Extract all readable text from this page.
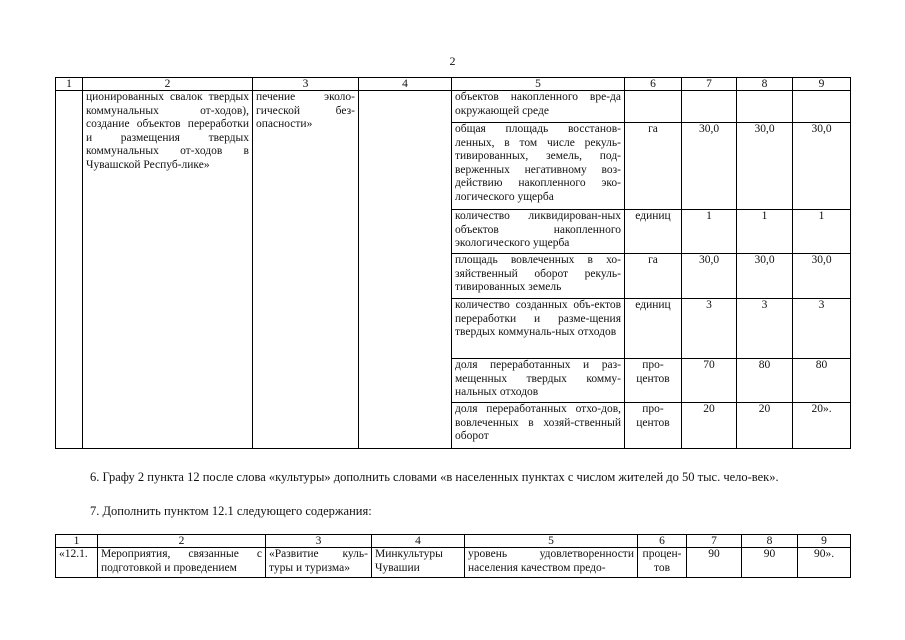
2
1	2	3	4	5	6	7	8	9
	ционированных свалок твердых коммунальных от-ходов), создание объектов переработки и размещения твердых коммунальных от-ходов в Чувашской Респуб-лике»	печение эколо-гической без-опасности»		объектов накопленного вре-да окружающей среде				
				общая площадь восстанов-ленных, в том числе рекуль-тивированных, земель, под-верженных негативному воз-действию накопленного эко-логического ущерба	га	30,0	30,0	30,0
				количество ликвидирован-ных объектов накопленного экологического ущерба	единиц	1	1	1
				площадь вовлеченных в хо-зяйственный оборот рекуль-тивированных земель	га	30,0	30,0	30,0
				количество созданных объ-ектов переработки и разме-щения твердых коммуналь-ных отходов	единиц	3	3	3
				доля переработанных и раз-мещенных твердых комму-нальных отходов	про-центов	70	80	80
				доля переработанных отхо-дов, вовлеченных в хозяй-ственный оборот	про-центов	20	20	20».
6. Графу 2 пункта 12 после слова «культуры» дополнить словами «в населенных пунктах с числом жителей до 50 тыс. чело-век».
7. Дополнить пунктом 12.1 следующего содержания:
1	2	3	4	5	6	7	8	9
«12.1.	Мероприятия, связанные с подготовкой и проведением	«Развитие куль-туры и туризма»	Минкультуры Чувашии	уровень удовлетворенности населения качеством предо-	процен-тов	90	90	90».
